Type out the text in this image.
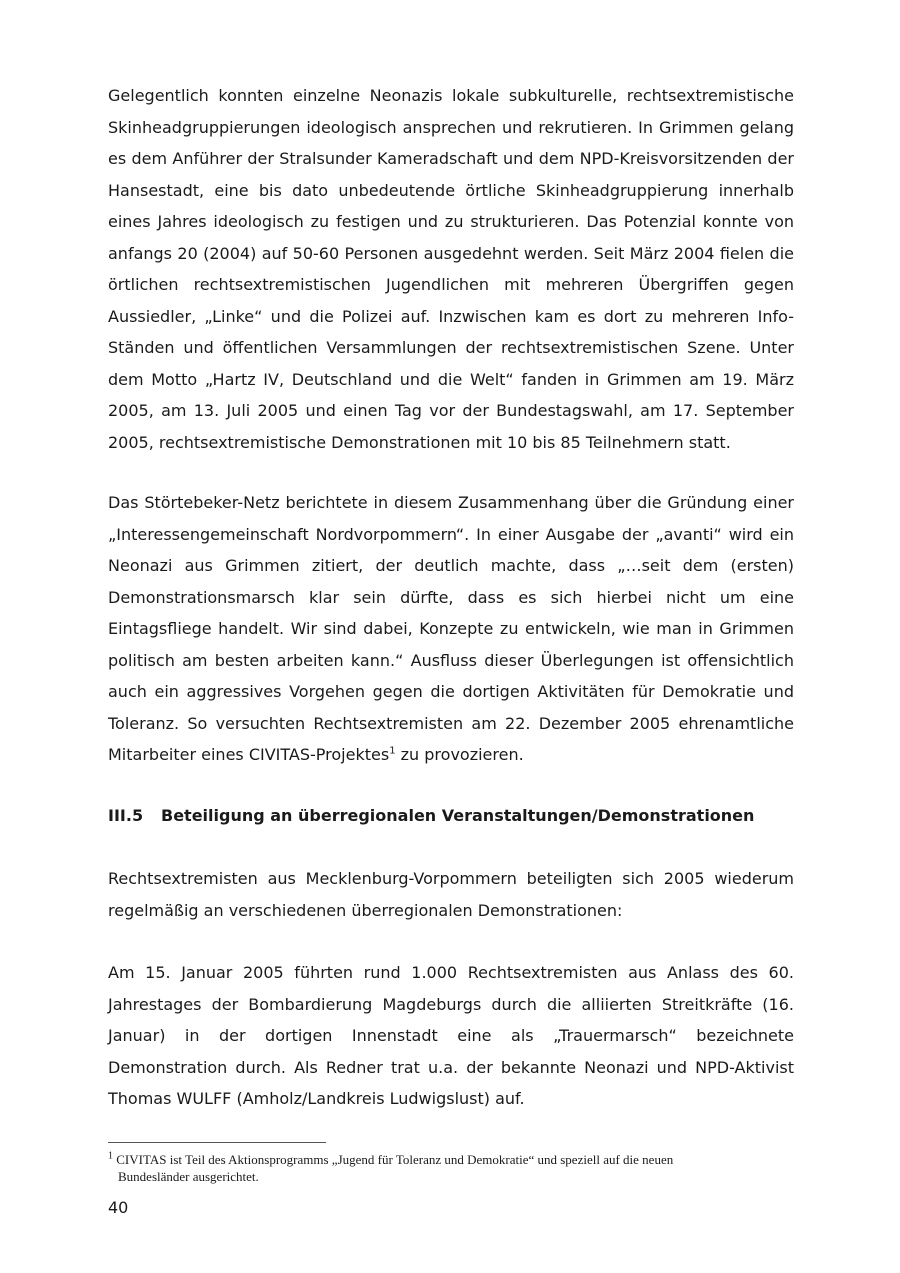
Gelegentlich konnten einzelne Neonazis lokale subkulturelle, rechtsextremistische Skinheadgruppierungen ideologisch ansprechen und rekrutieren. In Grimmen gelang es dem Anführer der Stralsunder Kameradschaft und dem NPD-Kreisvorsitzenden der Hansestadt, eine bis dato unbedeutende örtliche Skinheadgruppierung innerhalb eines Jahres ideologisch zu festigen und zu strukturieren. Das Potenzial konnte von anfangs 20 (2004) auf 50-60 Personen ausgedehnt werden. Seit März 2004 fielen die örtlichen rechtsextremistischen Jugendlichen mit mehreren Übergriffen gegen Aussiedler, „Linke“ und die Polizei auf. Inzwischen kam es dort zu mehreren Info-Ständen und öffentlichen Versammlungen der rechtsextremistischen Szene. Unter dem Motto „Hartz IV, Deutschland und die Welt“ fanden in Grimmen am 19. März 2005, am 13. Juli 2005 und einen Tag vor der Bundestagswahl, am 17. September 2005, rechtsextremistische Demonstrationen mit 10 bis 85 Teilnehmern statt.

Das Störtebeker-Netz berichtete in diesem Zusammenhang über die Gründung einer „Interessengemeinschaft Nordvorpommern“. In einer Ausgabe der „avanti“ wird ein Neonazi aus Grimmen zitiert, der deutlich machte, dass „…seit dem (ersten) Demonstrationsmarsch klar sein dürfte, dass es sich hierbei nicht um eine Eintagsfliege handelt. Wir sind dabei, Konzepte zu entwickeln, wie man in Grimmen politisch am besten arbeiten kann.“ Ausfluss dieser Überlegungen ist offensichtlich auch ein aggressives Vorgehen gegen die dortigen Aktivitäten für Demokratie und Toleranz. So versuchten Rechtsextremisten am 22. Dezember 2005 ehrenamtliche Mitarbeiter eines CIVITAS-Projektes$^1$ zu provozieren.

III.5 Beteiligung an überregionalen Veranstaltungen/Demonstrationen

Rechtsextremisten aus Mecklenburg-Vorpommern beteiligten sich 2005 wiederum regelmäßig an verschiedenen überregionalen Demonstrationen:

Am 15. Januar 2005 führten rund 1.000 Rechtsextremisten aus Anlass des 60. Jahrestages der Bombardierung Magdeburgs durch die alliierten Streitkräfte (16. Januar) in der dortigen Innenstadt eine als „Trauermarsch“ bezeichnete Demonstration durch. Als Redner trat u.a. der bekannte Neonazi und NPD-Aktivist Thomas WULFF (Amholz/Landkreis Ludwigslust) auf.

$^1$ CIVITAS ist Teil des Aktionsprogramms „Jugend für Toleranz und Demokratie“ und speziell auf die neuen
Bundesländer ausgerichtet.
40
